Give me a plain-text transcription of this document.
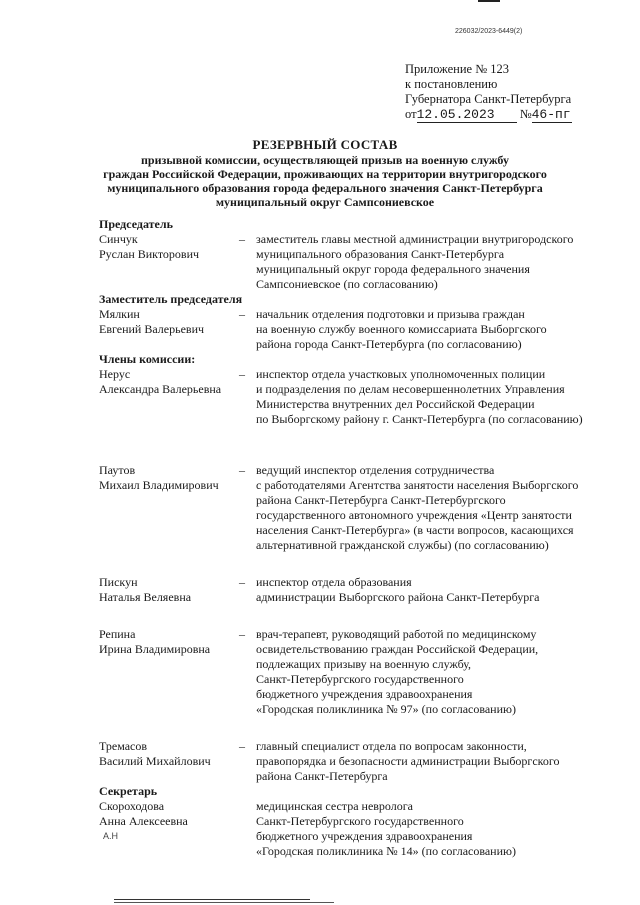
226032/2023-6449(2)
Приложение № 123
к постановлению
Губернатора Санкт-Петербурга
от12.05.2023 №46-пг
РЕЗЕРВНЫЙ СОСТАВ
призывной комиссии, осуществляющей призыв на военную службу
граждан Российской Федерации, проживающих на территории внутригородского
муниципального образования города федерального значения Санкт-Петербурга
муниципальный округ Сампсониевское
Председатель
Синчук
Руслан Викторович
– заместитель главы местной администрации внутригородского
муниципального образования Санкт-Петербурга
муниципальный округ города федерального значения
Сампсониевское (по согласованию)
Заместитель председателя
Мялкин
Евгений Валерьевич
– начальник отделения подготовки и призыва граждан
на военную службу военного комиссариата Выборгского
района города Санкт-Петербурга (по согласованию)
Члены комиссии:
Нерус
Александра Валерьевна
– инспектор отдела участковых уполномоченных полиции
и подразделения по делам несовершеннолетних Управления
Министерства внутренних дел Российской Федерации
по Выборгскому району г. Санкт-Петербурга (по согласованию)
Паутов
Михаил Владимирович
– ведущий инспектор отделения сотрудничества
с работодателями Агентства занятости населения Выборгского
района Санкт-Петербурга Санкт-Петербургского
государственного автономного учреждения «Центр занятости
населения Санкт-Петербурга» (в части вопросов, касающихся
альтернативной гражданской службы) (по согласованию)
Пискун
Наталья Веляевна
– инспектор отдела образования
администрации Выборгского района Санкт-Петербурга
Репина
Ирина Владимировна
– врач-терапевт, руководящий работой по медицинскому
освидетельствованию граждан Российской Федерации,
подлежащих призыву на военную службу,
Санкт-Петербургского государственного
бюджетного учреждения здравоохранения
«Городская поликлиника № 97» (по согласованию)
Тремасов
Василий Михайлович
– главный специалист отдела по вопросам законности,
правопорядка и безопасности администрации Выборгского
района Санкт-Петербурга
Секретарь
Скороходова
Анна Алексеевна
А.Н
медицинская сестра невролога
Санкт-Петербургского государственного
бюджетного учреждения здравоохранения
«Городская поликлиника № 14» (по согласованию)
